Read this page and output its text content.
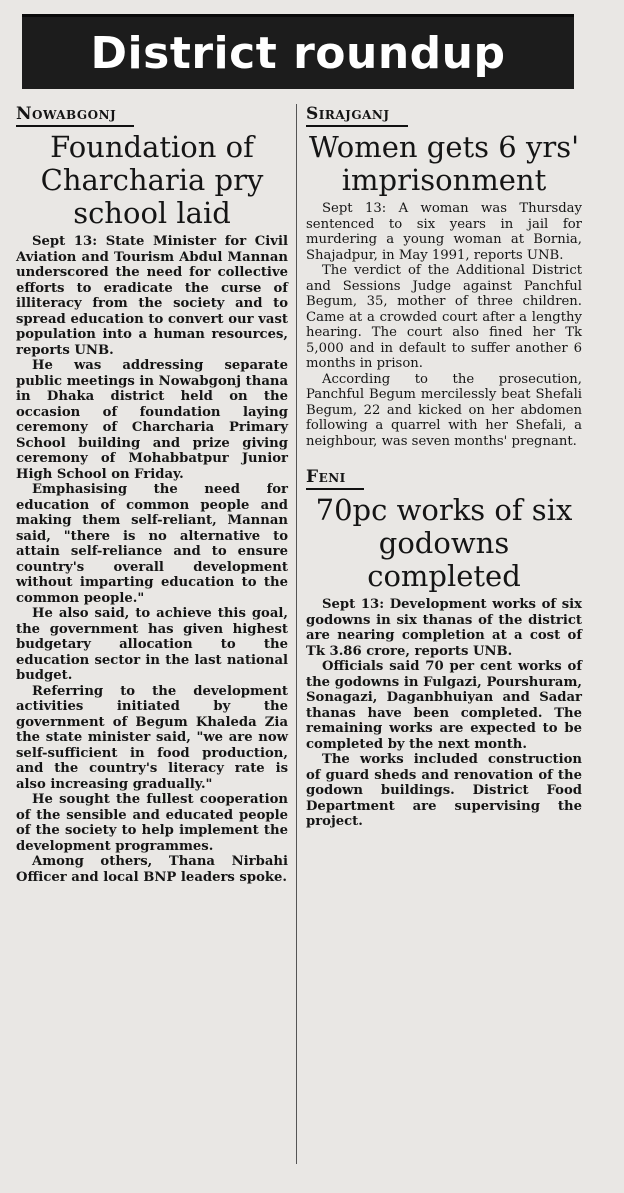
District roundup
Nowabgonj
Foundation of Charcharia pry school laid

Sept 13: State Minister for Civil Aviation and Tourism Abdul Mannan underscored the need for collective efforts to eradicate the curse of illiteracy from the society and to spread education to convert our vast population into a human resources, reports UNB.

He was addressing separate public meetings in Nowabgonj thana in Dhaka district held on the occasion of foundation laying ceremony of Charcharia Primary School building and prize giving ceremony of Mohabbatpur Junior High School on Friday.

Emphasising the need for education of common people and making them self-reliant, Mannan said, "there is no alternative to attain self-reliance and to ensure country's overall development without imparting education to the common people."

He also said, to achieve this goal, the government has given highest budgetary allocation to the education sector in the last national budget.

Referring to the development activities initiated by the government of Begum Khaleda Zia the state minister said, "we are now self-sufficient in food production, and the country's literacy rate is also increasing gradually."

He sought the fullest cooperation of the sensible and educated people of the society to help implement the development programmes.

Among others, Thana Nirbahi Officer and local BNP leaders spoke.

Sirajganj
Women gets 6 yrs' imprisonment

Sept 13: A woman was Thursday sentenced to six years in jail for murdering a young woman at Bornia, Shajadpur, in May 1991, reports UNB.

The verdict of the Additional District and Sessions Judge against Panchful Begum, 35, mother of three children. Came at a crowded court after a lengthy hearing. The court also fined her Tk 5,000 and in default to suffer another 6 months in prison.

According to the prosecution, Panchful Begum mercilessly beat Shefali Begum, 22 and kicked on her abdomen following a quarrel with her Shefali, a neighbour, was seven months' pregnant.

Feni
70pc works of six godowns completed

Sept 13: Development works of six godowns in six thanas of the district are nearing completion at a cost of Tk 3.86 crore, reports UNB.

Officials said 70 per cent works of the godowns in Fulgazi, Pourshuram, Sonagazi, Daganbhuiyan and Sadar thanas have been completed. The remaining works are expected to be completed by the next month.

The works included construction of guard sheds and renovation of the godown buildings. District Food Department are supervising the project.
